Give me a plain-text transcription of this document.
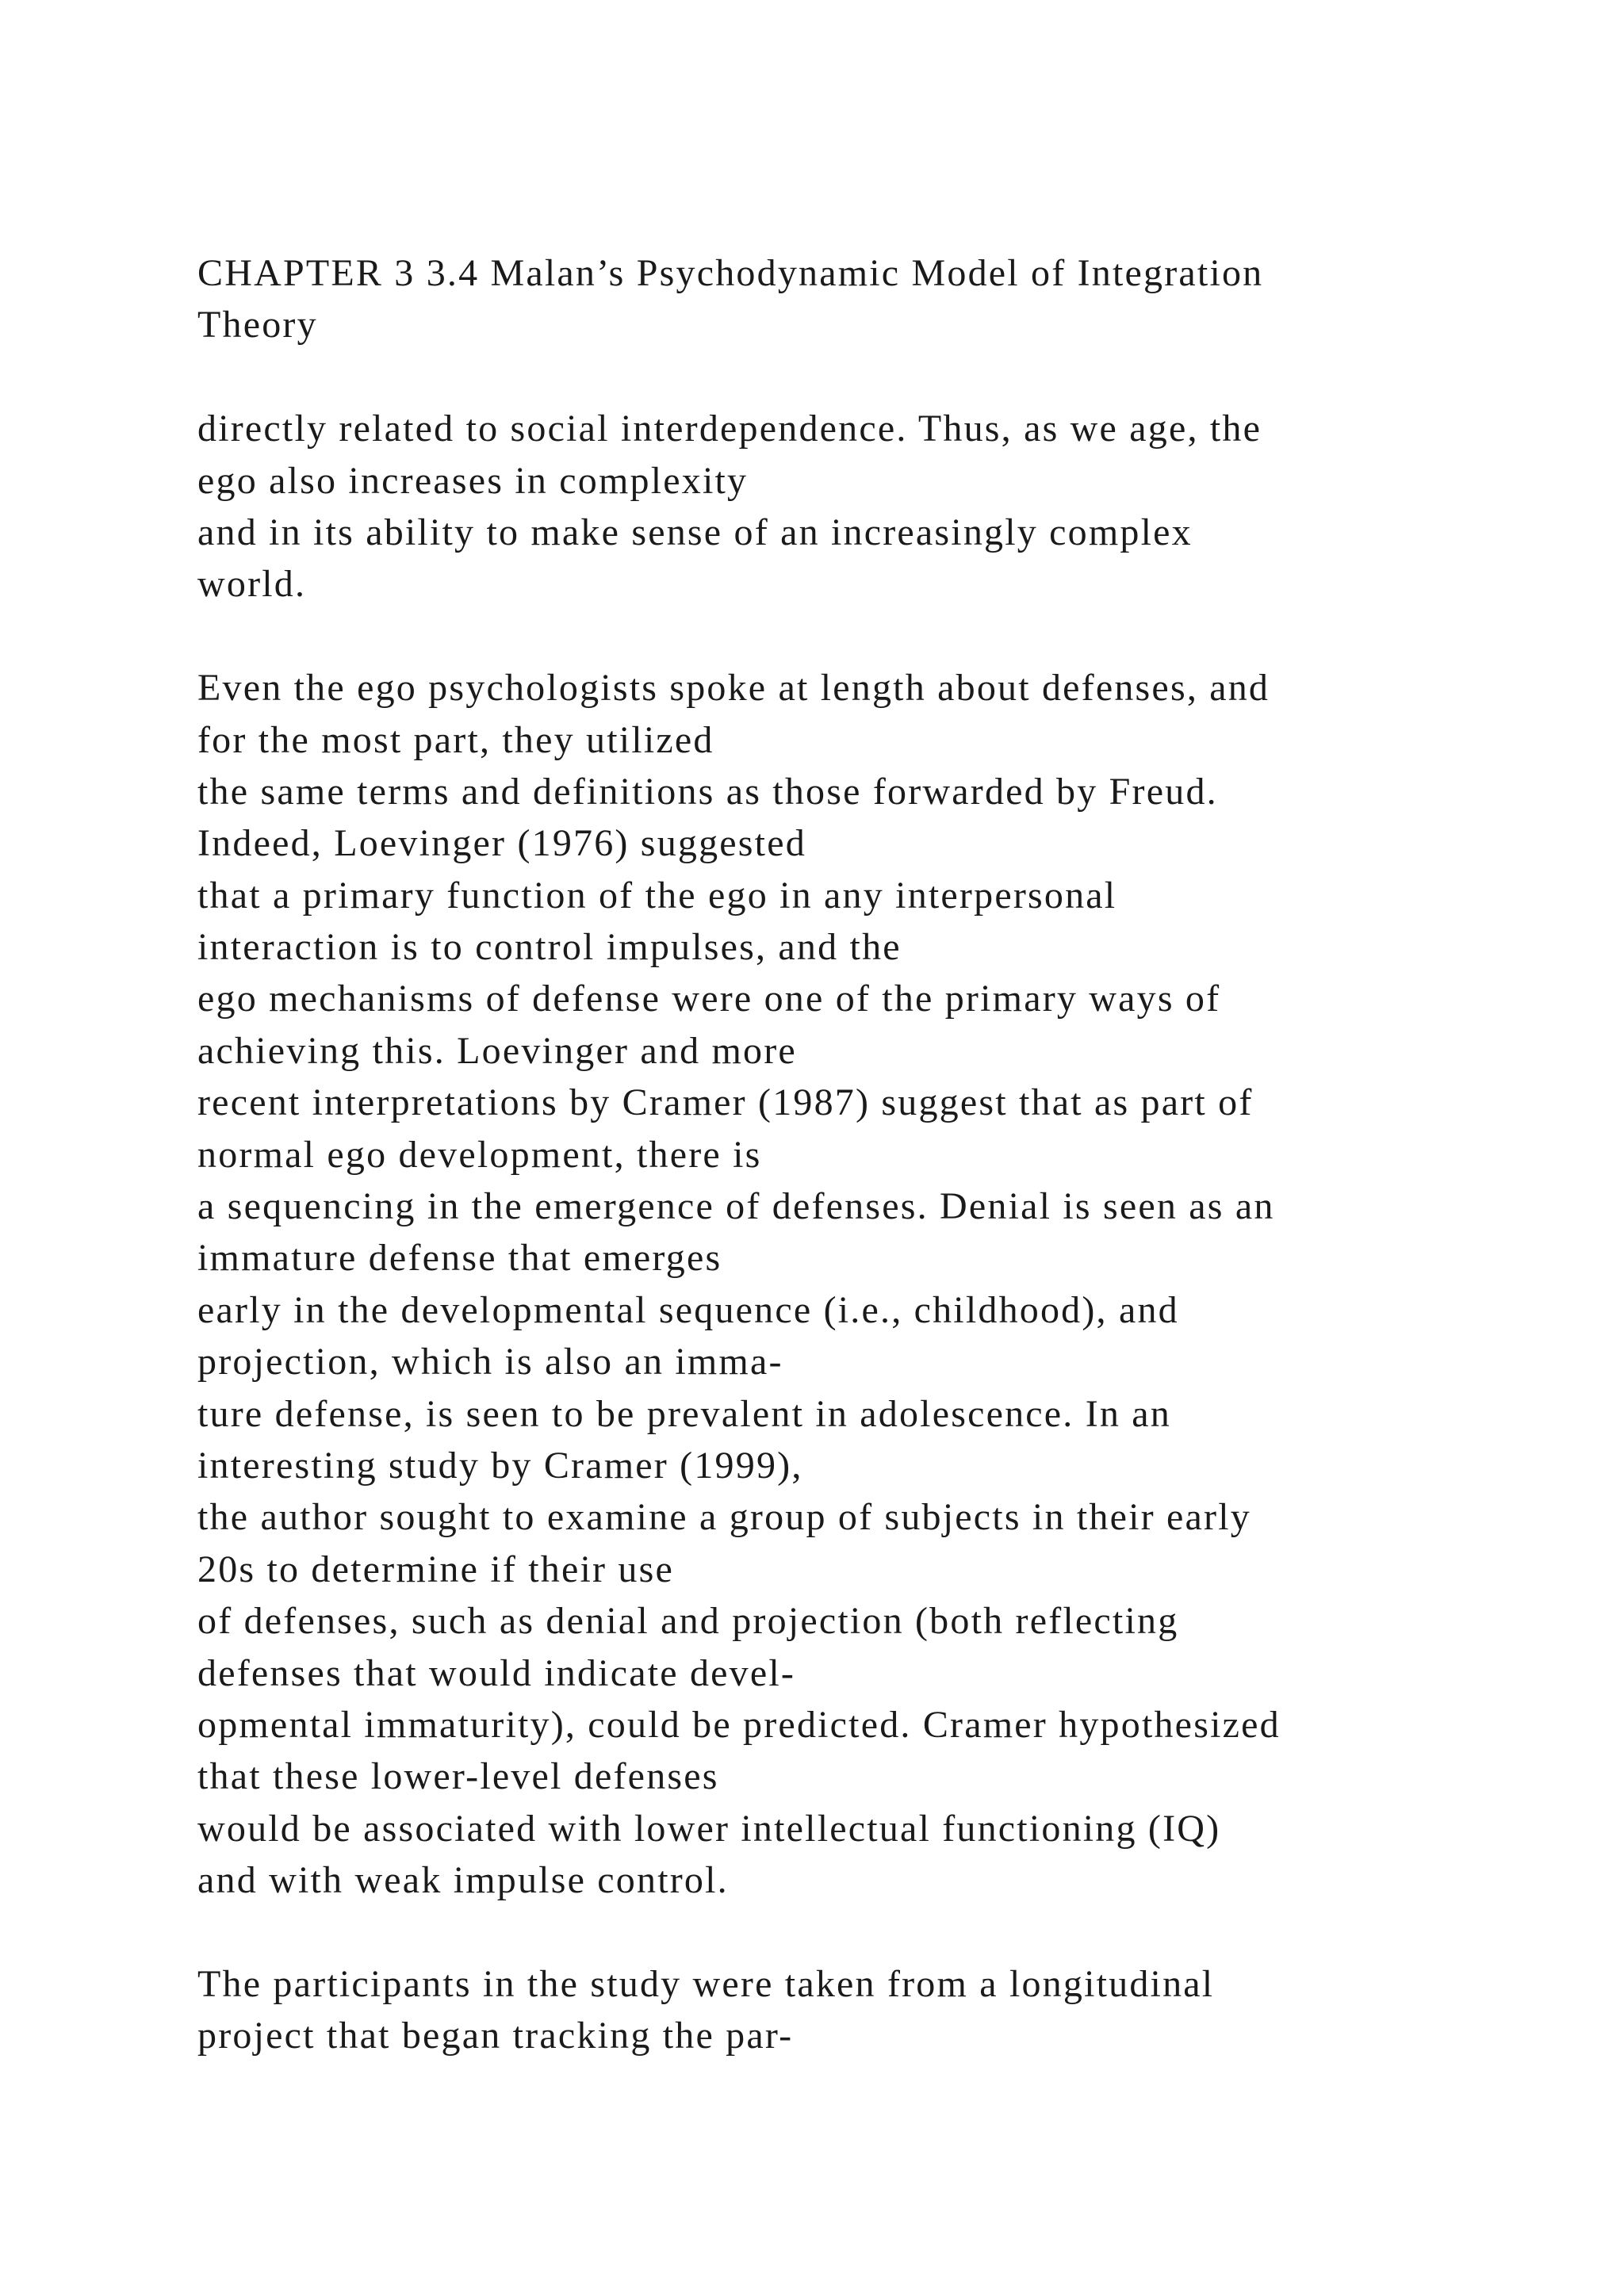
CHAPTER 3 3.4 Malan’s Psychodynamic Model of Integration
Theory
directly related to social interdependence. Thus, as we age, the
ego also increases in complexity
and in its ability to make sense of an increasingly complex
world.
Even the ego psychologists spoke at length about defenses, and
for the most part, they utilized
the same terms and definitions as those forwarded by Freud.
Indeed, Loevinger (1976) suggested
that a primary function of the ego in any interpersonal
interaction is to control impulses, and the
ego mechanisms of defense were one of the primary ways of
achieving this. Loevinger and more
recent interpretations by Cramer (1987) suggest that as part of
normal ego development, there is
a sequencing in the emergence of defenses. Denial is seen as an
immature defense that emerges
early in the developmental sequence (i.e., childhood), and
projection, which is also an imma-
ture defense, is seen to be prevalent in adolescence. In an
interesting study by Cramer (1999),
the author sought to examine a group of subjects in their early
20s to determine if their use
of defenses, such as denial and projection (both reflecting
defenses that would indicate devel-
opmental immaturity), could be predicted. Cramer hypothesized
that these lower-level defenses
would be associated with lower intellectual functioning (IQ)
and with weak impulse control.
The participants in the study were taken from a longitudinal
project that began tracking the par-
